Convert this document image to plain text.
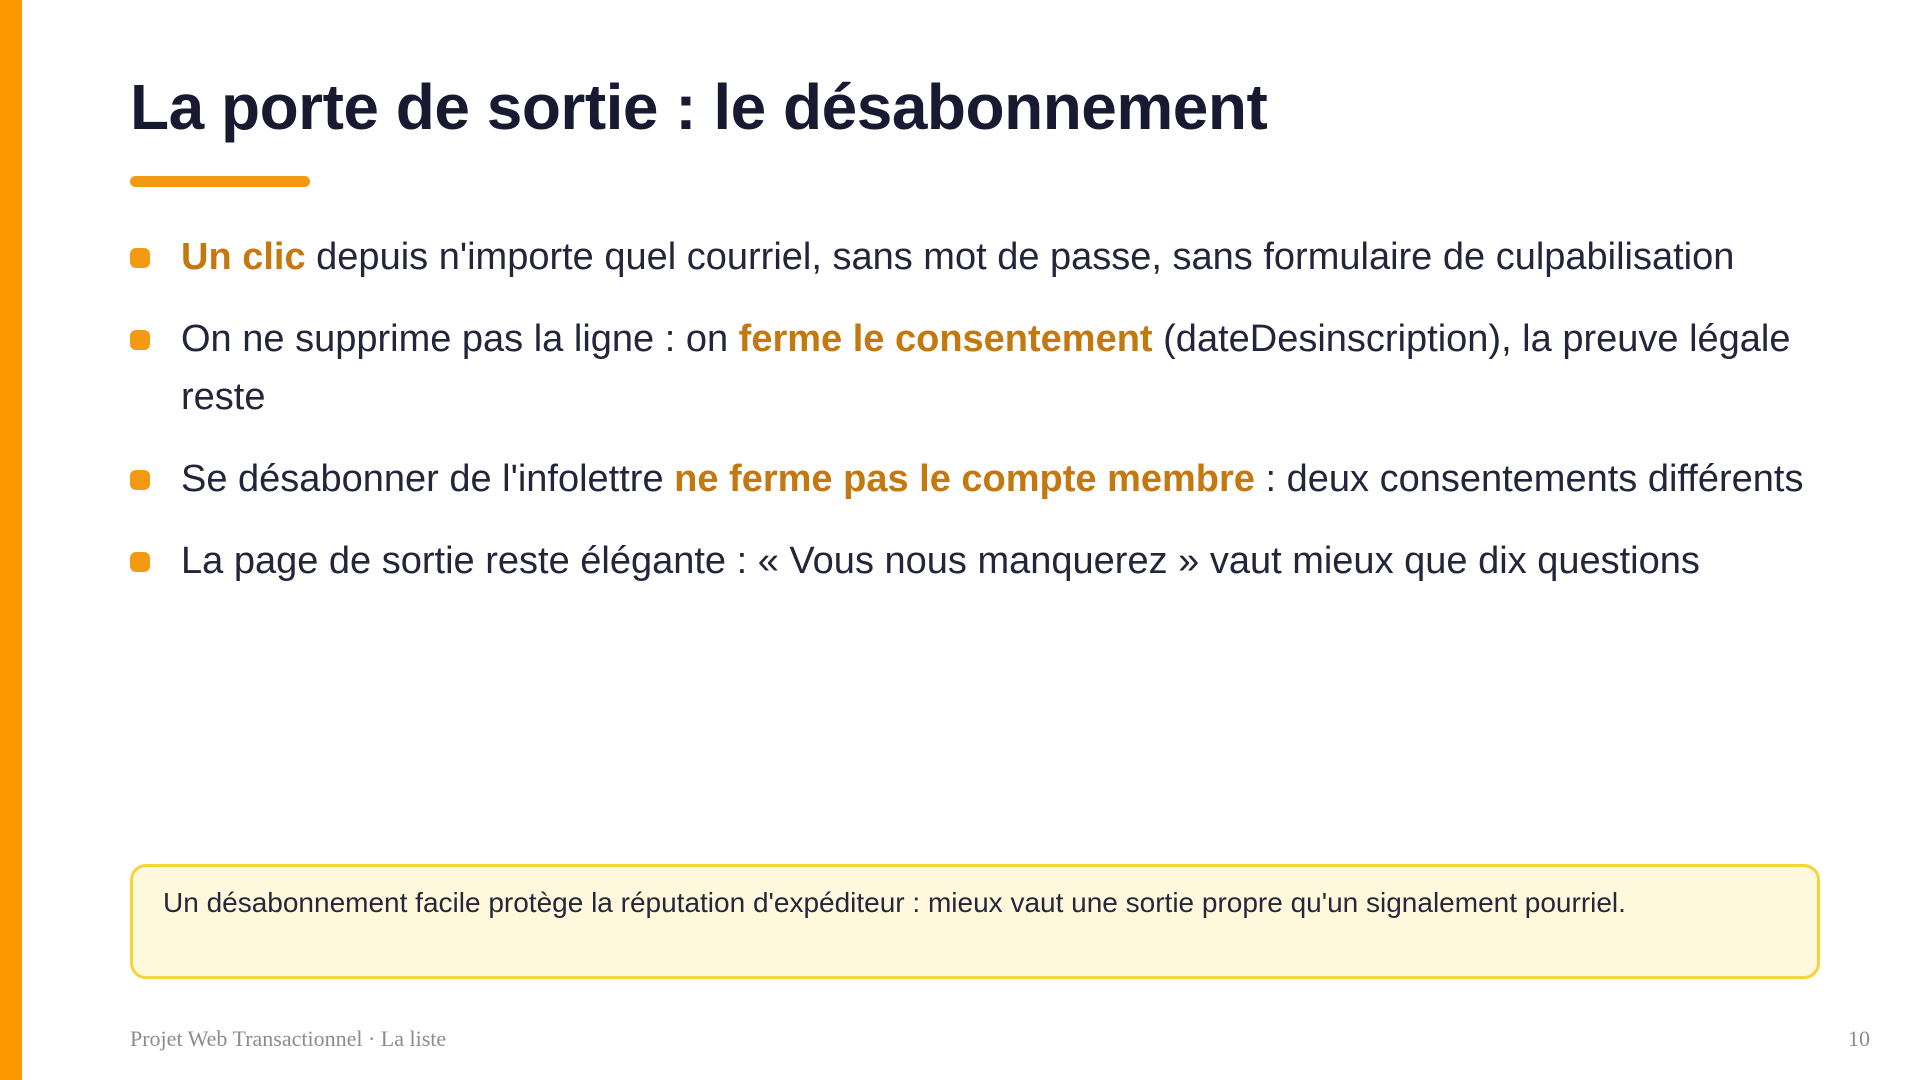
La porte de sortie : le désabonnement
Un clic depuis n'importe quel courriel, sans mot de passe, sans formulaire de culpabilisation
On ne supprime pas la ligne : on ferme le consentement (dateDesinscription), la preuve légale reste
Se désabonner de l'infolettre ne ferme pas le compte membre : deux consentements différents
La page de sortie reste élégante : « Vous nous manquerez » vaut mieux que dix questions
Un désabonnement facile protège la réputation d'expéditeur : mieux vaut une sortie propre qu'un signalement pourriel.
Projet Web Transactionnel · La liste	10
